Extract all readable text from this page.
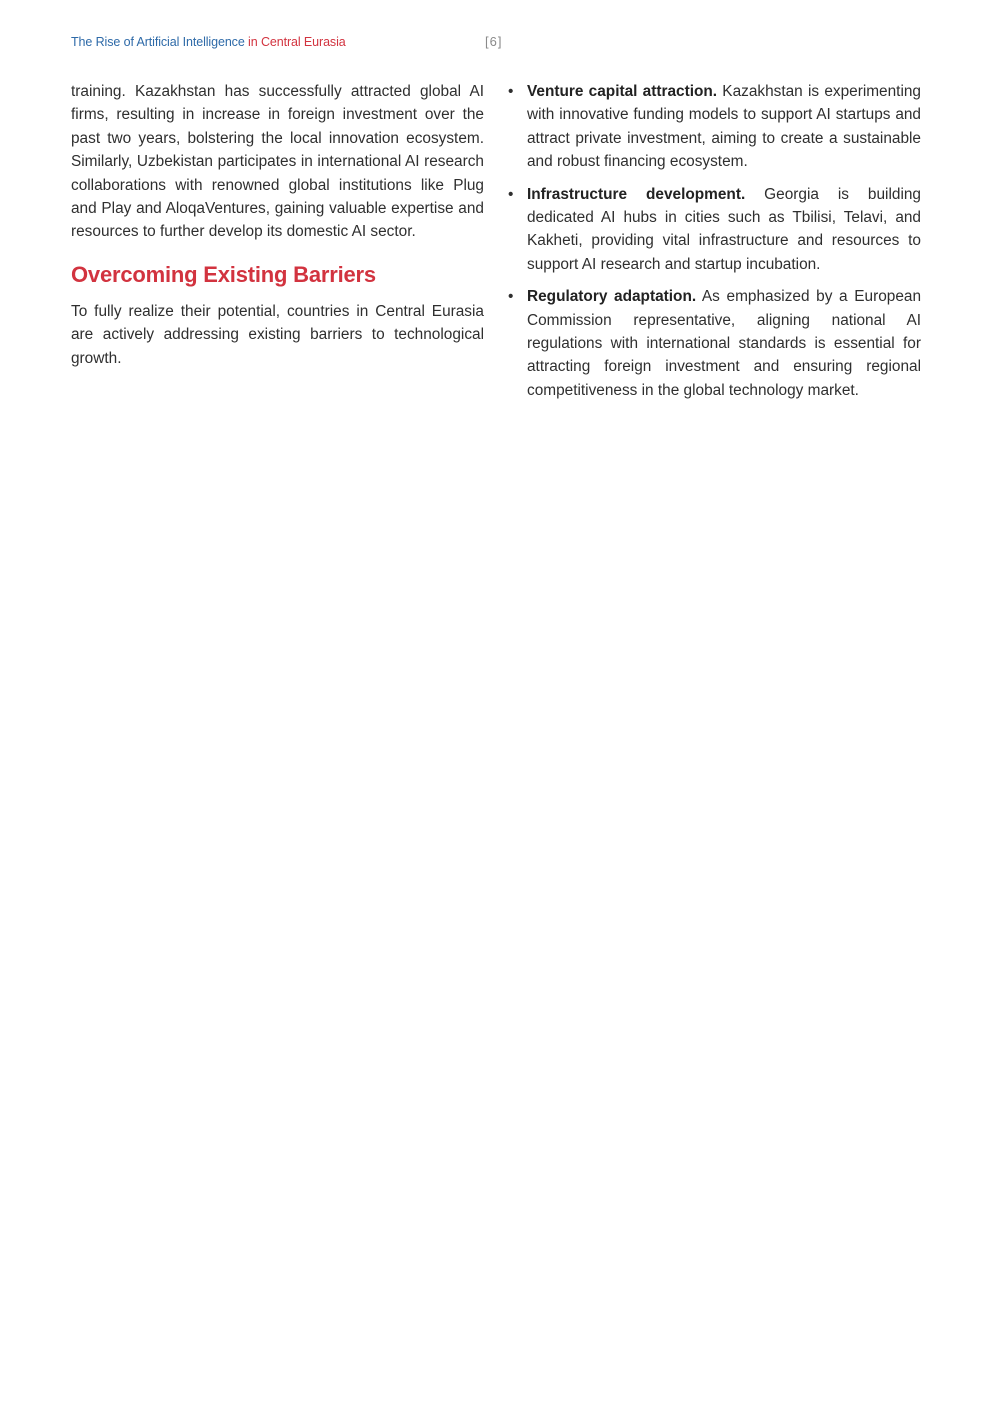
The Rise of Artificial Intelligence in Central Eurasia	[6]

training. Kazakhstan has successfully attracted global AI firms, resulting in increase in foreign investment over the past two years, bolstering the local innovation ecosystem. Similarly, Uzbekistan participates in international AI research collaborations with renowned global institutions like Plug and Play and AloqaVentures, gaining valuable expertise and resources to further develop its domestic AI sector.

Overcoming Existing Barriers

To fully realize their potential, countries in Central Eurasia are actively addressing existing barriers to technological growth.

• Venture capital attraction. Kazakhstan is experimenting with innovative funding models to support AI startups and attract private investment, aiming to create a sustainable and robust financing ecosystem.

• Infrastructure development. Georgia is building dedicated AI hubs in cities such as Tbilisi, Telavi, and Kakheti, providing vital infrastructure and resources to support AI research and startup incubation.

• Regulatory adaptation. As emphasized by a European Commission representative, aligning national AI regulations with international standards is essential for attracting foreign investment and ensuring regional competitiveness in the global technology market.
